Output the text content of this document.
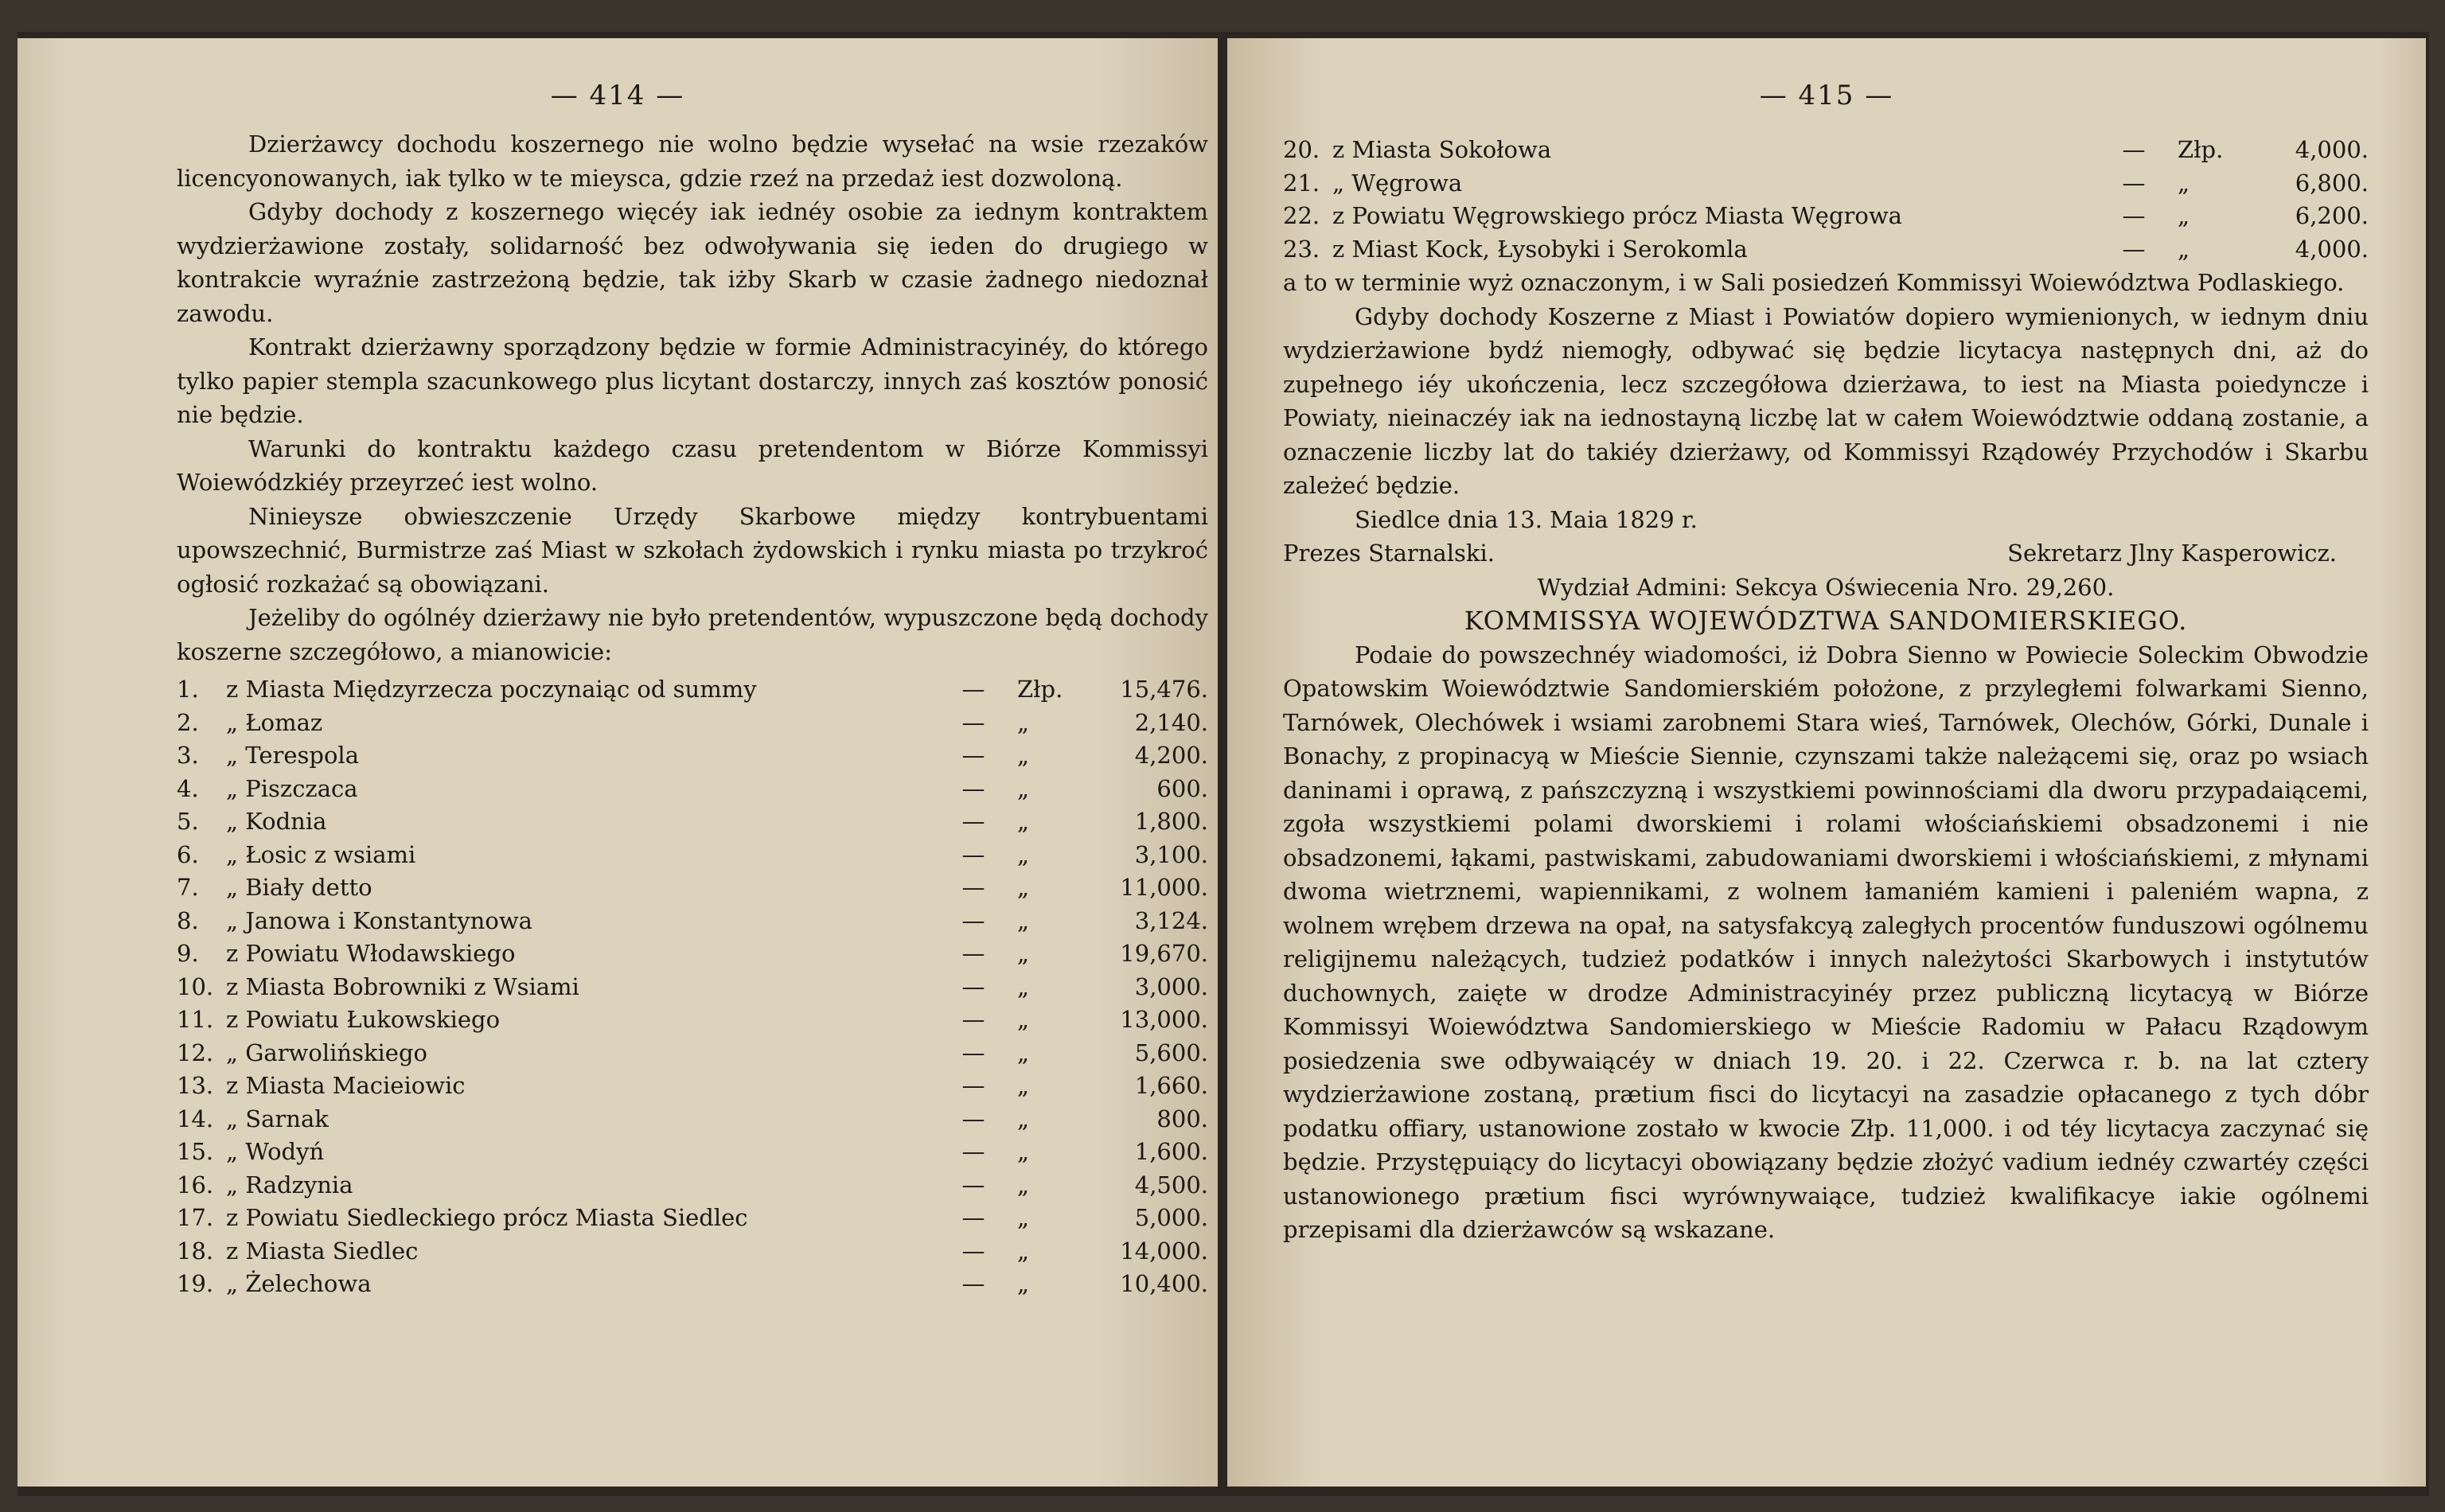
— 414 —

Dzierżawcy dochodu koszernego nie wolno będzie wysełać na wsie rzezaków licencyonowanych, iak tylko w te mieysca, gdzie rzeź na przedaż iest dozwoloną.

Gdyby dochody z koszernego więcéy iak iednéy osobie za iednym kontraktem wydzierżawione zostały, solidarność bez odwoływania się ieden do drugiego w kontrakcie wyraźnie zastrzeżoną będzie, tak iżby Skarb w czasie żadnego niedoznał zawodu.

Kontrakt dzierżawny sporządzony będzie w formie Administracyinéy, do którego tylko papier stempla szacunkowego plus licytant dostarczy, innych zaś kosztów ponosić nie będzie.

Warunki do kontraktu każdego czasu pretendentom w Biórze Kommissyi Woiewódzkiéy przeyrzeć iest wolno.

Ninieysze obwieszczenie Urzędy Skarbowe między kontrybuentami upowszechnić, Burmistrze zaś Miast w szkołach żydowskich i rynku miasta po trzykroć ogłosić rozkażać są obowiązani.

Jeżeliby do ogólnéy dzierżawy nie było pretendentów, wypuszczone będą dochody koszerne szczegółowo, a mianowicie:

1.	z Miasta Międzyrzecza poczynaiąc od summy	—	Złp.	15,476.
2.	„ Łomaz	—	„	2,140.
3.	„ Terespola	—	„	4,200.
4.	„ Piszczaca	—	„	600.
5.	„ Kodnia	—	„	1,800.
6.	„ Łosic z wsiami	—	„	3,100.
7.	„ Biały detto	—	„	11,000.
8.	„ Janowa i Konstantynowa	—	„	3,124.
9.	z Powiatu Włodawskiego	—	„	19,670.
10.	z Miasta Bobrowniki z Wsiami	—	„	3,000.
11.	z Powiatu Łukowskiego	—	„	13,000.
12.	„ Garwolińskiego	—	„	5,600.
13.	z Miasta Macieiowic	—	„	1,660.
14.	„ Sarnak	—	„	800.
15.	„ Wodyń	—	„	1,600.
16.	„ Radzynia	—	„	4,500.
17.	z Powiatu Siedleckiego prócz Miasta Siedlec	—	„	5,000.
18.	z Miasta Siedlec	—	„	14,000.
19.	„ Żelechowa	—	„	10,400.
— 415 —
20.	z Miasta Sokołowa	—	Złp.	4,000.
21.	„ Węgrowa	—	„	6,800.
22.	z Powiatu Węgrowskiego prócz Miasta Węgrowa	—	„	6,200.
23.	z Miast Kock, Łysobyki i Serokomla	—	„	4,000.

a to w terminie wyż oznaczonym, i w Sali posiedzeń Kommissyi Woiewództwa Podlaskiego.

Gdyby dochody Koszerne z Miast i Powiatów dopiero wymienionych, w iednym dniu wydzierżawione bydź niemogły, odbywać się będzie licytacya następnych dni, aż do zupełnego iéy ukończenia, lecz szczegółowa dzierżawa, to iest na Miasta poiedyncze i Powiaty, nieinaczéy iak na iednostayną liczbę lat w całem Woiewództwie oddaną zostanie, a oznaczenie liczby lat do takiéy dzierżawy, od Kommissyi Rządowéy Przychodów i Skarbu zależeć będzie.

Siedlce dnia 13. Maia 1829 r.

Prezes Starnalski.	Sekretarz Jlny Kasperowicz.

Wydział Admini: Sekcya Oświecenia Nro. 29,260.

KOMMISSYA WOJEWÓDZTWA SANDOMIERSKIEGO.

Podaie do powszechnéy wiadomości, iż Dobra Sienno w Powiecie Soleckim Obwodzie Opatowskim Woiewództwie Sandomierskiém położone, z przyległemi folwarkami Sienno, Tarnówek, Olechówek i wsiami zarobnemi Stara wieś, Tarnówek, Olechów, Górki, Dunale i Bonachy, z propinacyą w Mieście Siennie, czynszami także należącemi się, oraz po wsiach daninami i oprawą, z pańszczyzną i wszystkiemi powinnościami dla dworu przypadaiącemi, zgoła wszystkiemi polami dworskiemi i rolami włościańskiemi obsadzonemi i nie obsadzonemi, łąkami, pastwiskami, zabudowaniami dworskiemi i włościańskiemi, z młynami dwoma wietrznemi, wapiennikami, z wolnem łamaniém kamieni i paleniém wapna, z wolnem wrębem drzewa na opał, na satysfakcyą zaległych procentów funduszowi ogólnemu religijnemu należących, tudzież podatków i innych należytości Skarbowych i instytutów duchownych, zaięte w drodze Administracyinéy przez publiczną licytacyą w Biórze Kommissyi Woiewództwa Sandomierskiego w Mieście Radomiu w Pałacu Rządowym posiedzenia swe odbywaiącéy w dniach 19. 20. i 22. Czerwca r. b. na lat cztery wydzierżawione zostaną, prætium fisci do licytacyi na zasadzie opłacanego z tych dóbr podatku offiary, ustanowione zostało w kwocie Złp. 11,000. i od téy licytacya zaczynać się będzie. Przystępuiący do licytacyi obowiązany będzie złożyć vadium iednéy czwartéy części ustanowionego prætium fisci wyrównywaiące, tudzież kwalifikacye iakie ogólnemi przepisami dla dzierżawców są wskazane.
